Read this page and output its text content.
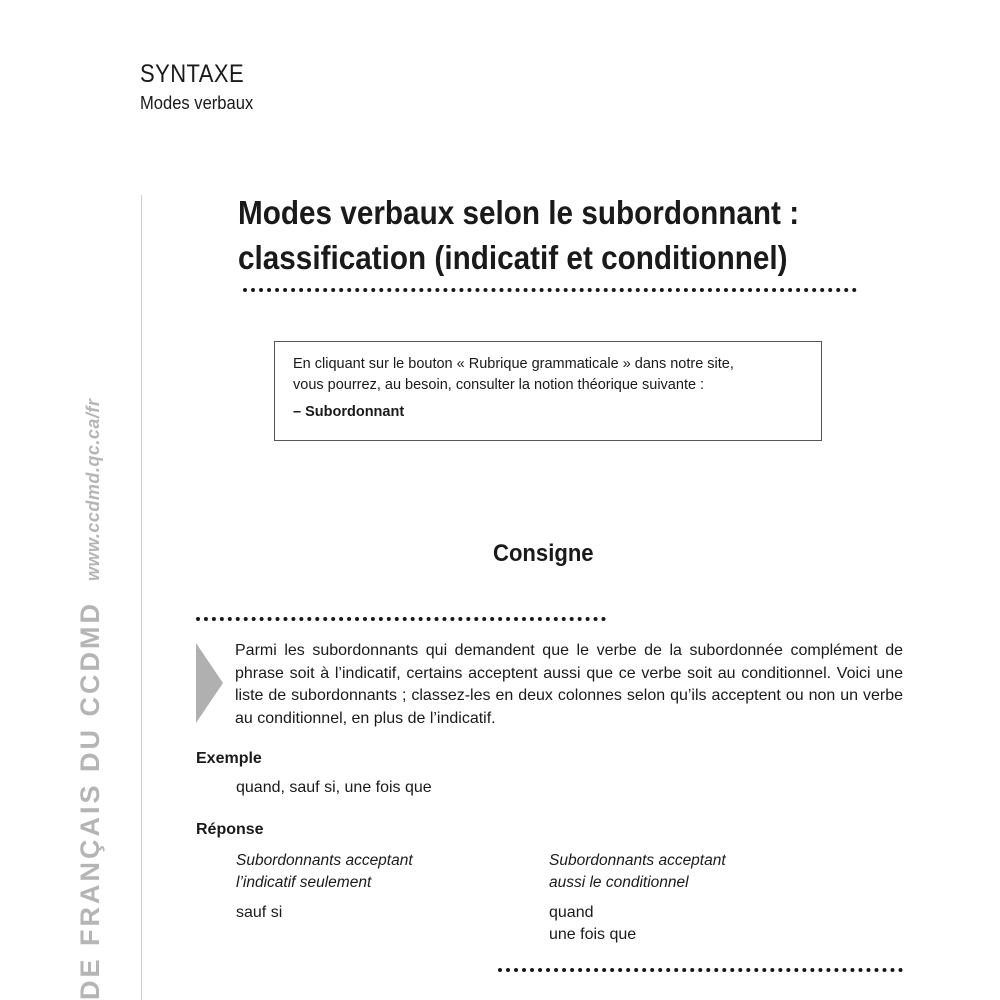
SYNTAXE
Modes verbaux
DE FRANÇAIS DU CCDMDwww.ccdmd.qc.ca/fr
Modes verbaux selon le subordonnant :
classification (indicatif et conditionnel)
En cliquant sur le bouton « Rubrique grammaticale » dans notre site,
vous pourrez, au besoin, consulter la notion théorique suivante :
– Subordonnant
Consigne
Parmi les subordonnants qui demandent que le verbe de la subordonnée complément de phrase soit à l’indicatif, certains acceptent aussi que ce verbe soit au conditionnel. Voici une liste de subordonnants ; classez-les en deux colonnes selon qu’ils acceptent ou non un verbe au conditionnel, en plus de l’indicatif.
Exemple
quand, sauf si, une fois que
Réponse
Subordonnants acceptant
l’indicatif seulement
sauf si
Subordonnants acceptant
aussi le conditionnel
quand
une fois que
